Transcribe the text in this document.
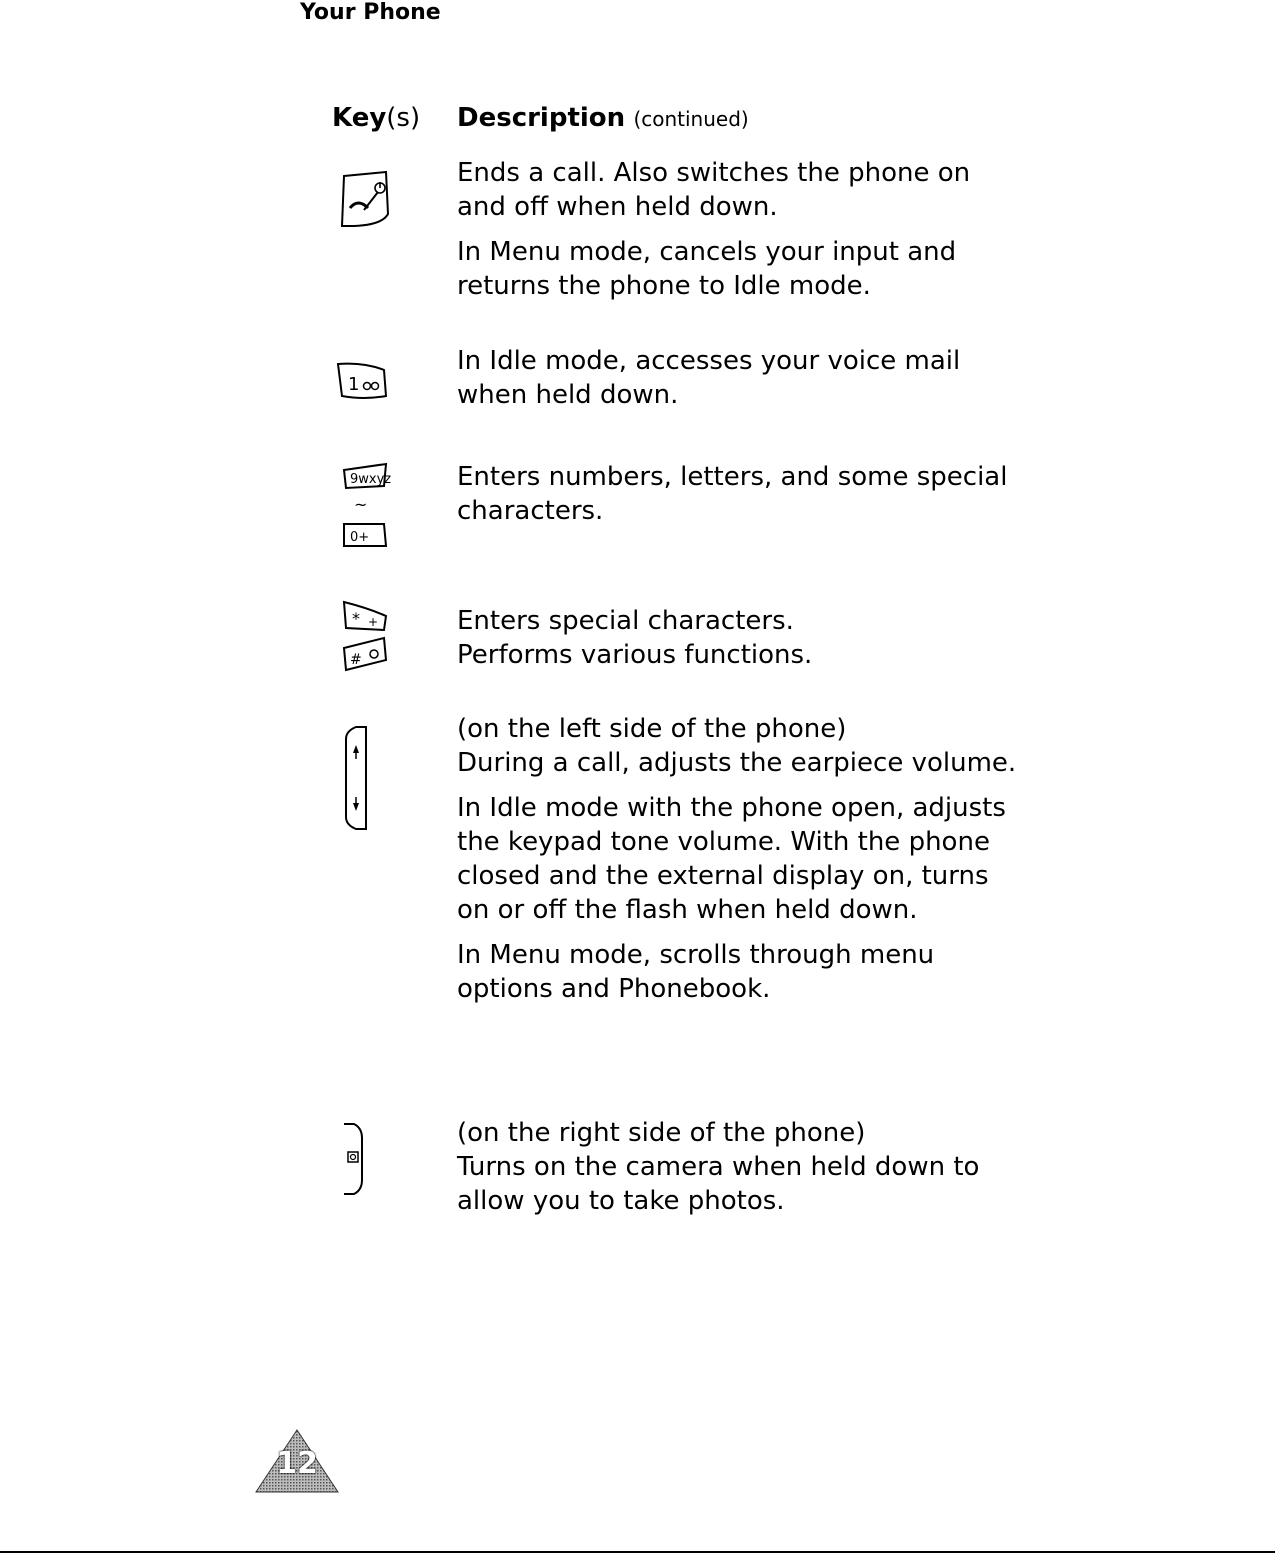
Your Phone
Key(s) Description (continued)

Ends a call. Also switches the phone on and off when held down.

In Menu mode, cancels your input and returns the phone to Idle mode.

1

In Idle mode, accesses your voice mail when held down.

9wxyz
~
0+

Enters numbers, letters, and some special characters.

* +
#

Enters special characters.

Performs various functions.

(on the left side of the phone)

During a call, adjusts the earpiece volume.

In Idle mode with the phone open, adjusts the keypad tone volume. With the phone closed and the external display on, turns on or off the flash when held down.

In Menu mode, scrolls through menu options and Phonebook.

(on the right side of the phone)

Turns on the camera when held down to allow you to take photos.

12
